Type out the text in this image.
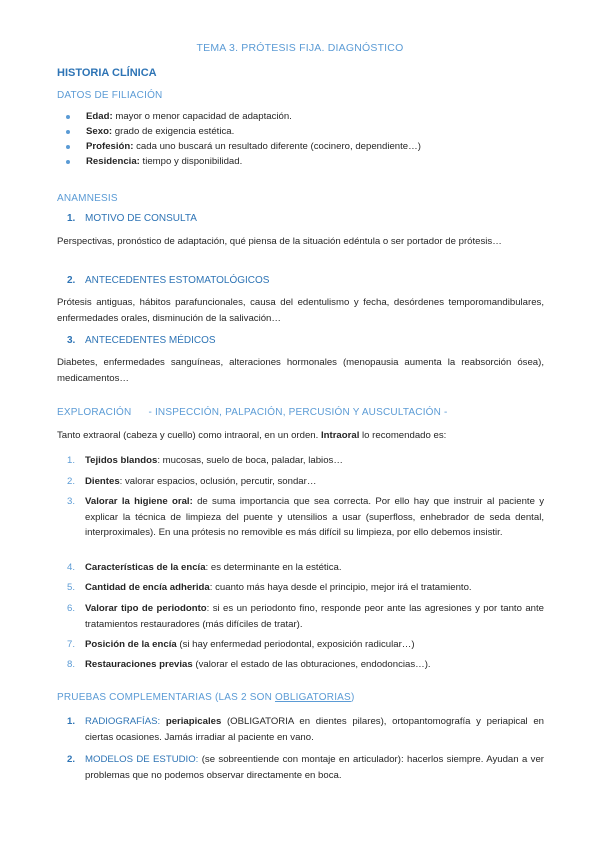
TEMA 3. PRÓTESIS FIJA. DIAGNÓSTICO
HISTORIA CLÍNICA
DATOS DE FILIACIÓN
Edad: mayor o menor capacidad de adaptación.
Sexo: grado de exigencia estética.
Profesión: cada uno buscará un resultado diferente (cocinero, dependiente…)
Residencia: tiempo y disponibilidad.
ANAMNESIS
1. MOTIVO DE CONSULTA
Perspectivas, pronóstico de adaptación, qué piensa de la situación edéntula o ser portador de prótesis…
2. ANTECEDENTES ESTOMATOLÓGICOS
Prótesis antiguas, hábitos parafuncionales, causa del edentulismo y fecha, desórdenes temporomandibulares, enfermedades orales, disminución de la salivación…
3. ANTECEDENTES MÉDICOS
Diabetes, enfermedades sanguíneas, alteraciones hormonales (menopausia aumenta la reabsorción ósea), medicamentos…
EXPLORACIÓN - INSPECCIÓN, PALPACIÓN, PERCUSIÓN Y AUSCULTACIÓN -
Tanto extraoral (cabeza y cuello) como intraoral, en un orden. Intraoral lo recomendado es:
1. Tejidos blandos: mucosas, suelo de boca, paladar, labios…
2. Dientes: valorar espacios, oclusión, percutir, sondar…
3. Valorar la higiene oral: de suma importancia que sea correcta. Por ello hay que instruir al paciente y explicar la técnica de limpieza del puente y utensilios a usar (superfloss, enhebrador de seda dental, interproximales). En una prótesis no removible es más difícil su limpieza, por ello debemos insistir.
4. Características de la encía: es determinante en la estética.
5. Cantidad de encía adherida: cuanto más haya desde el principio, mejor irá el tratamiento.
6. Valorar tipo de periodonto: si es un periodonto fino, responde peor ante las agresiones y por tanto ante tratamientos restauradores (más difíciles de tratar).
7. Posición de la encía (si hay enfermedad periodontal, exposición radicular…)
8. Restauraciones previas (valorar el estado de las obturaciones, endodoncias…).
PRUEBAS COMPLEMENTARIAS (LAS 2 SON OBLIGATORIAS)
1. RADIOGRAFÍAS: periapicales (OBLIGATORIA en dientes pilares), ortopantomografía y periapical en ciertas ocasiones. Jamás irradiar al paciente en vano.
2. MODELOS DE ESTUDIO: (se sobreentiende con montaje en articulador): hacerlos siempre. Ayudan a ver problemas que no podemos observar directamente en boca.
